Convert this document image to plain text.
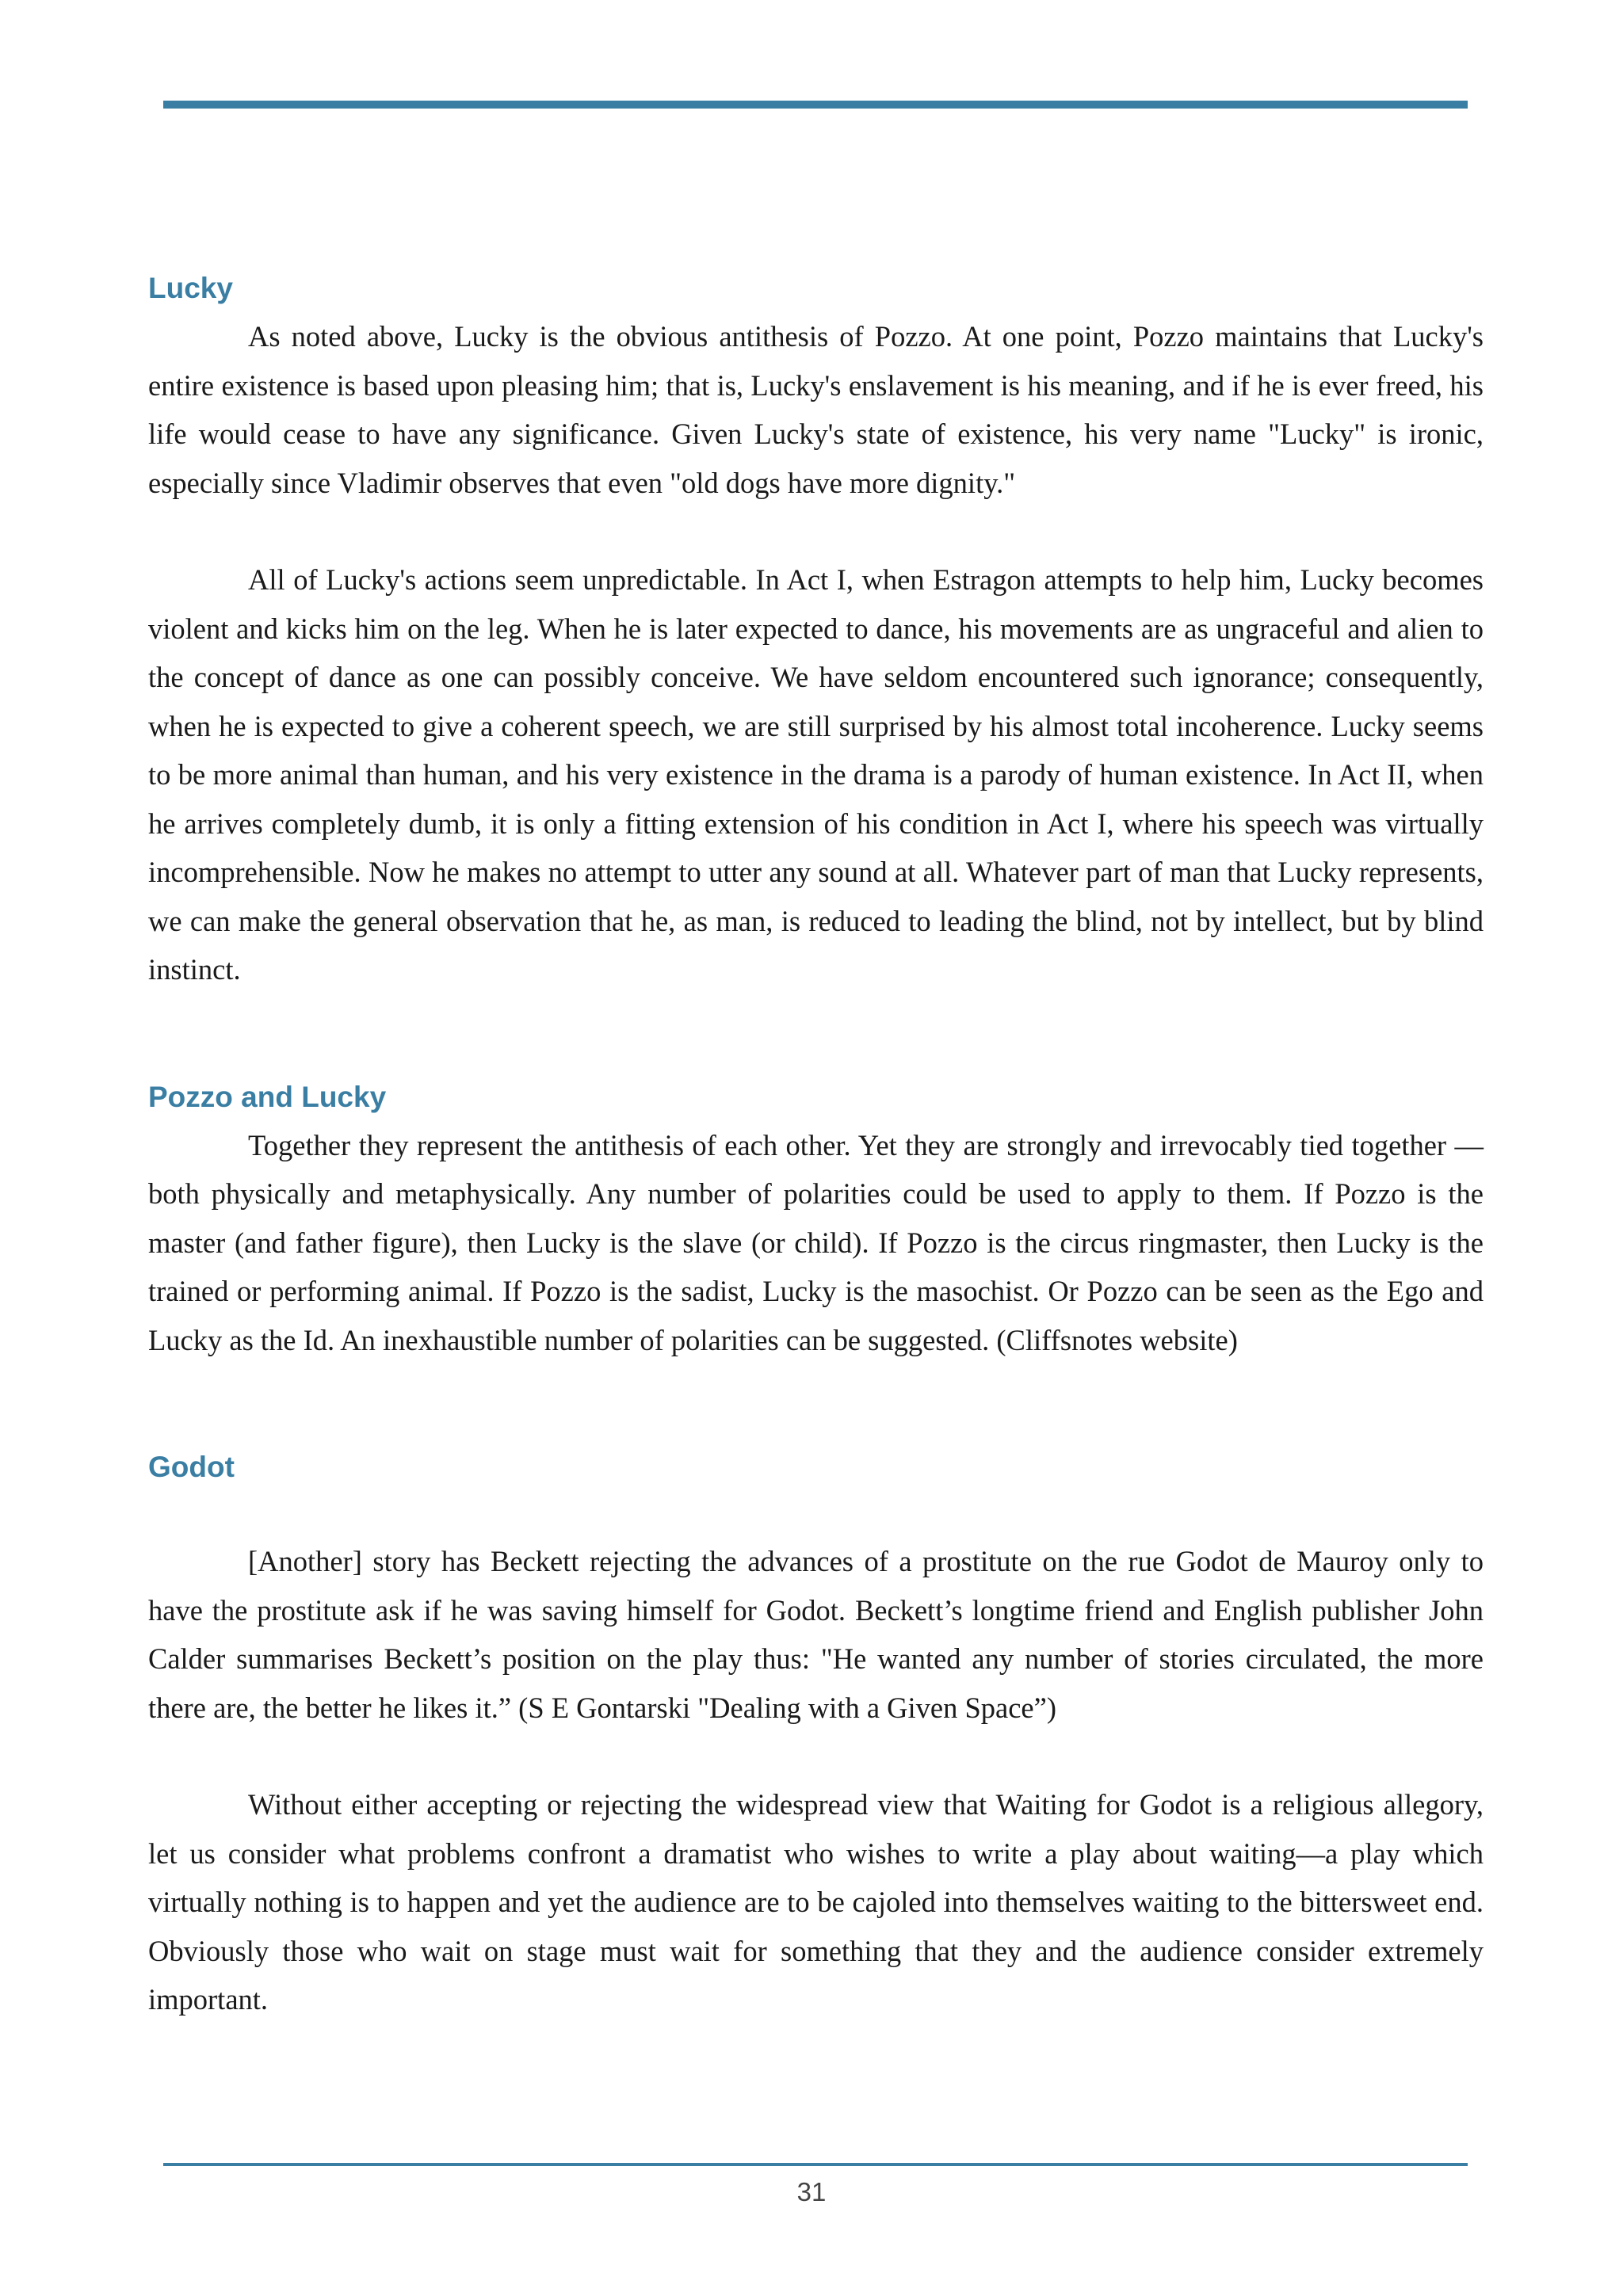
Lucky

As noted above, Lucky is the obvious antithesis of Pozzo. At one point, Pozzo maintains that Lucky's entire existence is based upon pleasing him; that is, Lucky's enslavement is his meaning, and if he is ever freed, his life would cease to have any significance. Given Lucky's state of existence, his very name "Lucky" is ironic, especially since Vladimir observes that even "old dogs have more dignity."

All of Lucky's actions seem unpredictable. In Act I, when Estragon attempts to help him, Lucky becomes violent and kicks him on the leg. When he is later expected to dance, his movements are as ungraceful and alien to the concept of dance as one can possibly conceive. We have seldom encountered such ignorance; consequently, when he is expected to give a coherent speech, we are still surprised by his almost total incoherence. Lucky seems to be more animal than human, and his very existence in the drama is a parody of human existence. In Act II, when he arrives completely dumb, it is only a fitting extension of his condition in Act I, where his speech was virtually incomprehensible. Now he makes no attempt to utter any sound at all. Whatever part of man that Lucky represents, we can make the general observation that he, as man, is reduced to leading the blind, not by intellect, but by blind instinct.

Pozzo and Lucky

Together they represent the antithesis of each other. Yet they are strongly and irrevocably tied together — both physically and metaphysically. Any number of polarities could be used to apply to them. If Pozzo is the master (and father figure), then Lucky is the slave (or child). If Pozzo is the circus ringmaster, then Lucky is the trained or performing animal. If Pozzo is the sadist, Lucky is the masochist. Or Pozzo can be seen as the Ego and Lucky as the Id. An inexhaustible number of polarities can be suggested. (Cliffsnotes website)

Godot

[Another] story has Beckett rejecting the advances of a prostitute on the rue Godot de Mauroy only to have the prostitute ask if he was saving himself for Godot. Beckett’s longtime friend and English publisher John Calder summarises Beckett’s position on the play thus: "He wanted any number of stories circulated, the more there are, the better he likes it.” (S E Gontarski "Dealing with a Given Space”)

Without either accepting or rejecting the widespread view that Waiting for Godot is a religious allegory, let us consider what problems confront a dramatist who wishes to write a play about waiting—a play which virtually nothing is to happen and yet the audience are to be cajoled into themselves waiting to the bittersweet end. Obviously those who wait on stage must wait for something that they and the audience consider extremely important.

31
